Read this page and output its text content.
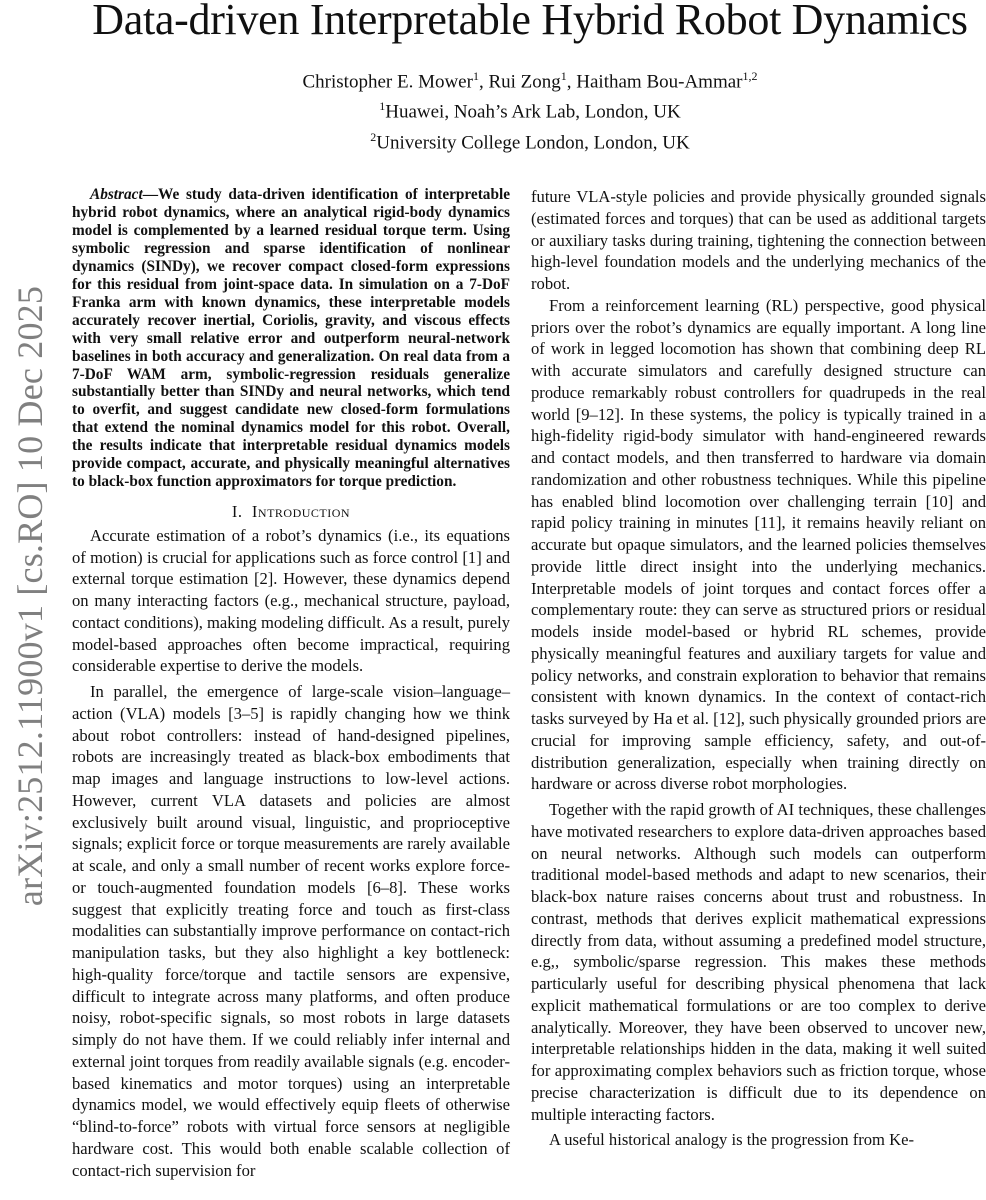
Data-driven Interpretable Hybrid Robot Dynamics
Christopher E. Mower$^1$, Rui Zong$^1$, Haitham Bou-Ammar$^{1,2}$
$^1$Huawei, Noah’s Ark Lab, London, UK
$^2$University College London, London, UK
arXiv:2512.11900v1 [cs.RO] 10 Dec 2025
Abstract—We study data-driven identification of interpretable hybrid robot dynamics, where an analytical rigid-body dynamics model is complemented by a learned residual torque term. Using symbolic regression and sparse identification of nonlinear dynamics (SINDy), we recover compact closed-form expressions for this residual from joint-space data. In simulation on a 7-DoF Franka arm with known dynamics, these interpretable models accurately recover inertial, Coriolis, gravity, and viscous effects with very small relative error and outperform neural-network baselines in both accuracy and generalization. On real data from a 7-DoF WAM arm, symbolic-regression residuals generalize substantially better than SINDy and neural networks, which tend to overfit, and suggest candidate new closed-form formulations that extend the nominal dynamics model for this robot. Overall, the results indicate that interpretable residual dynamics models provide compact, accurate, and physically meaningful alternatives to black-box function approximators for torque prediction.
I. Introduction

Accurate estimation of a robot’s dynamics (i.e., its equations of motion) is crucial for applications such as force control [1] and external torque estimation [2]. However, these dynamics depend on many interacting factors (e.g., mechanical structure, payload, contact conditions), making modeling difficult. As a result, purely model-based approaches often become impractical, requiring considerable expertise to derive the models.

In parallel, the emergence of large-scale vision–language–action (VLA) models [3–5] is rapidly changing how we think about robot controllers: instead of hand-designed pipelines, robots are increasingly treated as black-box embodiments that map images and language instructions to low-level actions. However, current VLA datasets and policies are almost exclusively built around visual, linguistic, and proprioceptive signals; explicit force or torque measurements are rarely available at scale, and only a small number of recent works explore force- or touch-augmented foundation models [6–8]. These works suggest that explicitly treating force and touch as first-class modalities can substantially improve performance on contact-rich manipulation tasks, but they also highlight a key bottleneck: high-quality force/torque and tactile sensors are expensive, difficult to integrate across many platforms, and often produce noisy, robot-specific signals, so most robots in large datasets simply do not have them. If we could reliably infer internal and external joint torques from readily available signals (e.g. encoder-based kinematics and motor torques) using an interpretable dynamics model, we would effectively equip fleets of otherwise “blind-to-force” robots with virtual force sensors at negligible hardware cost. This would both enable scalable collection of contact-rich supervision for

future VLA-style policies and provide physically grounded signals (estimated forces and torques) that can be used as additional targets or auxiliary tasks during training, tightening the connection between high-level foundation models and the underlying mechanics of the robot.

From a reinforcement learning (RL) perspective, good physical priors over the robot’s dynamics are equally important. A long line of work in legged locomotion has shown that combining deep RL with accurate simulators and carefully designed structure can produce remarkably robust controllers for quadrupeds in the real world [9–12]. In these systems, the policy is typically trained in a high-fidelity rigid-body simulator with hand-engineered rewards and contact models, and then transferred to hardware via domain randomization and other robustness techniques. While this pipeline has enabled blind locomotion over challenging terrain [10] and rapid policy training in minutes [11], it remains heavily reliant on accurate but opaque simulators, and the learned policies themselves provide little direct insight into the underlying mechanics. Interpretable models of joint torques and contact forces offer a complementary route: they can serve as structured priors or residual models inside model-based or hybrid RL schemes, provide physically meaningful features and auxiliary targets for value and policy networks, and constrain exploration to behavior that remains consistent with known dynamics. In the context of contact-rich tasks surveyed by Ha et al. [12], such physically grounded priors are crucial for improving sample efficiency, safety, and out-of-distribution generalization, especially when training directly on hardware or across diverse robot morphologies.

Together with the rapid growth of AI techniques, these challenges have motivated researchers to explore data-driven approaches based on neural networks. Although such models can outperform traditional model-based methods and adapt to new scenarios, their black-box nature raises concerns about trust and robustness. In contrast, methods that derives explicit mathematical expressions directly from data, without assuming a predefined model structure, e.g,, symbolic/sparse regression. This makes these methods particularly useful for describing physical phenomena that lack explicit mathematical formulations or are too complex to derive analytically. Moreover, they have been observed to uncover new, interpretable relationships hidden in the data, making it well suited for approximating complex behaviors such as friction torque, whose precise characterization is difficult due to its dependence on multiple interacting factors.

A useful historical analogy is the progression from Ke-
